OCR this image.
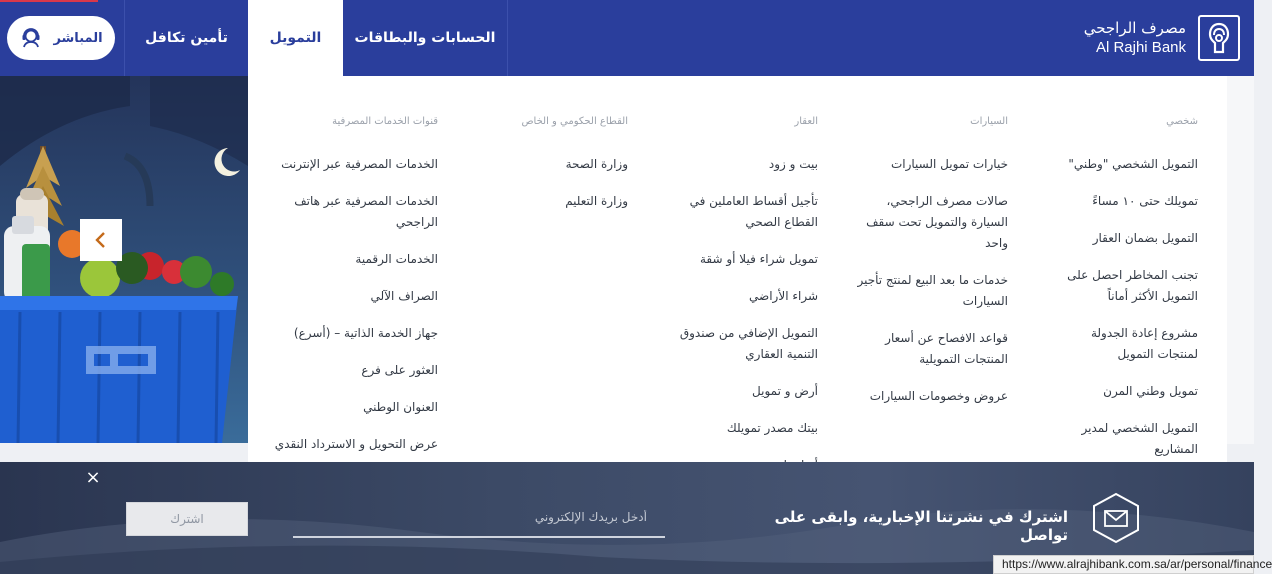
مصرف الراجحي
Al Rajhi Bank
الحسابات والبطاقات
التمويل
تأمين تكافل
المباشر
شخصي
التمويل الشخصي "وطني"
تمويلك حتى ١٠ مساءً
التمويل بضمان العقار
تجنب المخاطر احصل على التمويل الأكثر أماناً
مشروع إعادة الجدولة لمنتجات التمويل
تمويل وطني المرن
التمويل الشخصي لمدير المشاريع
السيارات
خيارات تمويل السيارات
صالات مصرف الراجحي، السيارة والتمويل تحت سقف واحد
خدمات ما بعد البيع لمنتج تأجير السيارات
قواعد الافصاح عن أسعار المنتجات التمويلية
عروض وخصومات السيارات
العقار
بيت و زود
تأجيل أقساط العاملين في القطاع الصحي
تمويل شراء فيلا أو شقة
شراء الأراضي
التمويل الإضافي من صندوق التنمية العقاري
أرض و تمويل
بيتك مصدر تمويلك
القطاع الحكومي و الخاص
وزارة الصحة
وزارة التعليم
قنوات الخدمات المصرفية
الخدمات المصرفية عبر الإنترنت
الخدمات المصرفية عبر هاتف الراجحي
الخدمات الرقمية
الصراف الآلي
جهاز الخدمة الذاتية – (أسرع)
العثور على فرع
العنوان الوطني
عرض التحويل و الاسترداد النقدي
×
اشترك
أدخل بريدك الإلكتروني	اشترك في نشرتنا الإخبارية، وابقى على تواصل
https://www.alrajhibank.com.sa/ar/personal/finance
